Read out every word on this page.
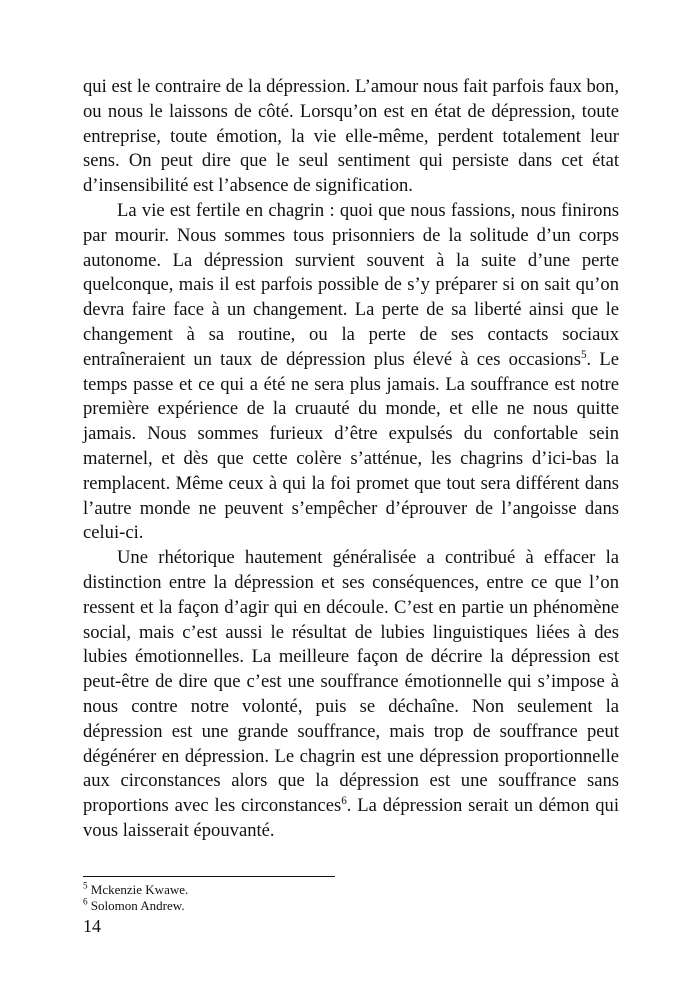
qui est le contraire de la dépression. L’amour nous fait parfois faux bon, ou nous le laissons de côté. Lorsqu’on est en état de dépression, toute entreprise, toute émotion, la vie elle-même, perdent totalement leur sens. On peut dire que le seul sentiment qui persiste dans cet état d’insensibilité est l’absence de signification.

La vie est fertile en chagrin : quoi que nous fassions, nous finirons par mourir. Nous sommes tous prisonniers de la solitude d’un corps autonome. La dépression survient souvent à la suite d’une perte quelconque, mais il est parfois possible de s’y préparer si on sait qu’on devra faire face à un changement. La perte de sa liberté ainsi que le changement à sa routine, ou la perte de ses contacts sociaux entraîneraient un taux de dépression plus élevé à ces occasions$^5$. Le temps passe et ce qui a été ne sera plus jamais. La souffrance est notre première expérience de la cruauté du monde, et elle ne nous quitte jamais. Nous sommes furieux d’être expulsés du confortable sein maternel, et dès que cette colère s’atténue, les chagrins d’ici-bas la remplacent. Même ceux à qui la foi promet que tout sera différent dans l’autre monde ne peuvent s’empêcher d’éprouver de l’angoisse dans celui-ci.

Une rhétorique hautement généralisée a contribué à effacer la distinction entre la dépression et ses conséquences, entre ce que l’on ressent et la façon d’agir qui en découle. C’est en partie un phénomène social, mais c’est aussi le résultat de lubies linguistiques liées à des lubies émotionnelles. La meilleure façon de décrire la dépression est peut-être de dire que c’est une souffrance émotionnelle qui s’impose à nous contre notre volonté, puis se déchaîne. Non seulement la dépression est une grande souffrance, mais trop de souffrance peut dégénérer en dépression. Le chagrin est une dépression proportionnelle aux circonstances alors que la dépression est une souffrance sans proportions avec les circonstances$^6$. La dépression serait un démon qui vous laisserait épouvanté.

$^5$ Mckenzie Kwawe.
$^6$ Solomon Andrew.
14
